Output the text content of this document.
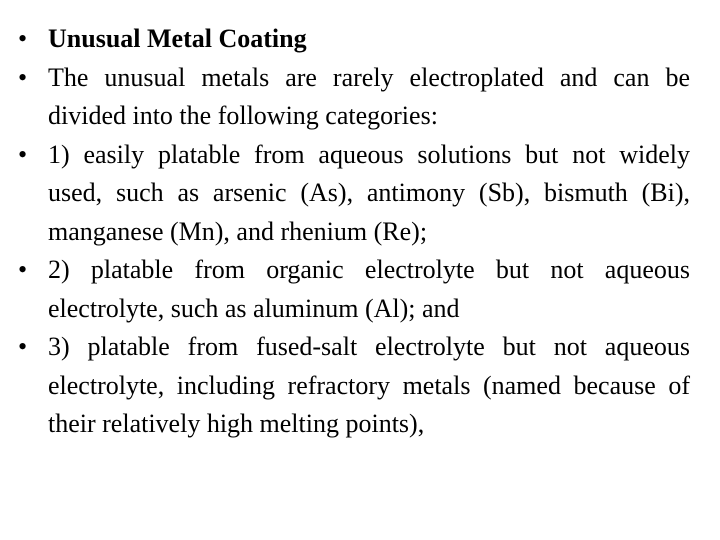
• Unusual Metal Coating
• The unusual metals are rarely electroplated and can be divided into the following categories:
• 1) easily platable from aqueous solutions but not widely used, such as arsenic (As), antimony (Sb), bismuth (Bi), manganese (Mn), and rhenium (Re);
• 2) platable from organic electrolyte but not aqueous electrolyte, such as aluminum (Al); and
• 3) platable from fused-salt electrolyte but not aqueous electrolyte, including refractory metals (named because of their relatively high melting points),
